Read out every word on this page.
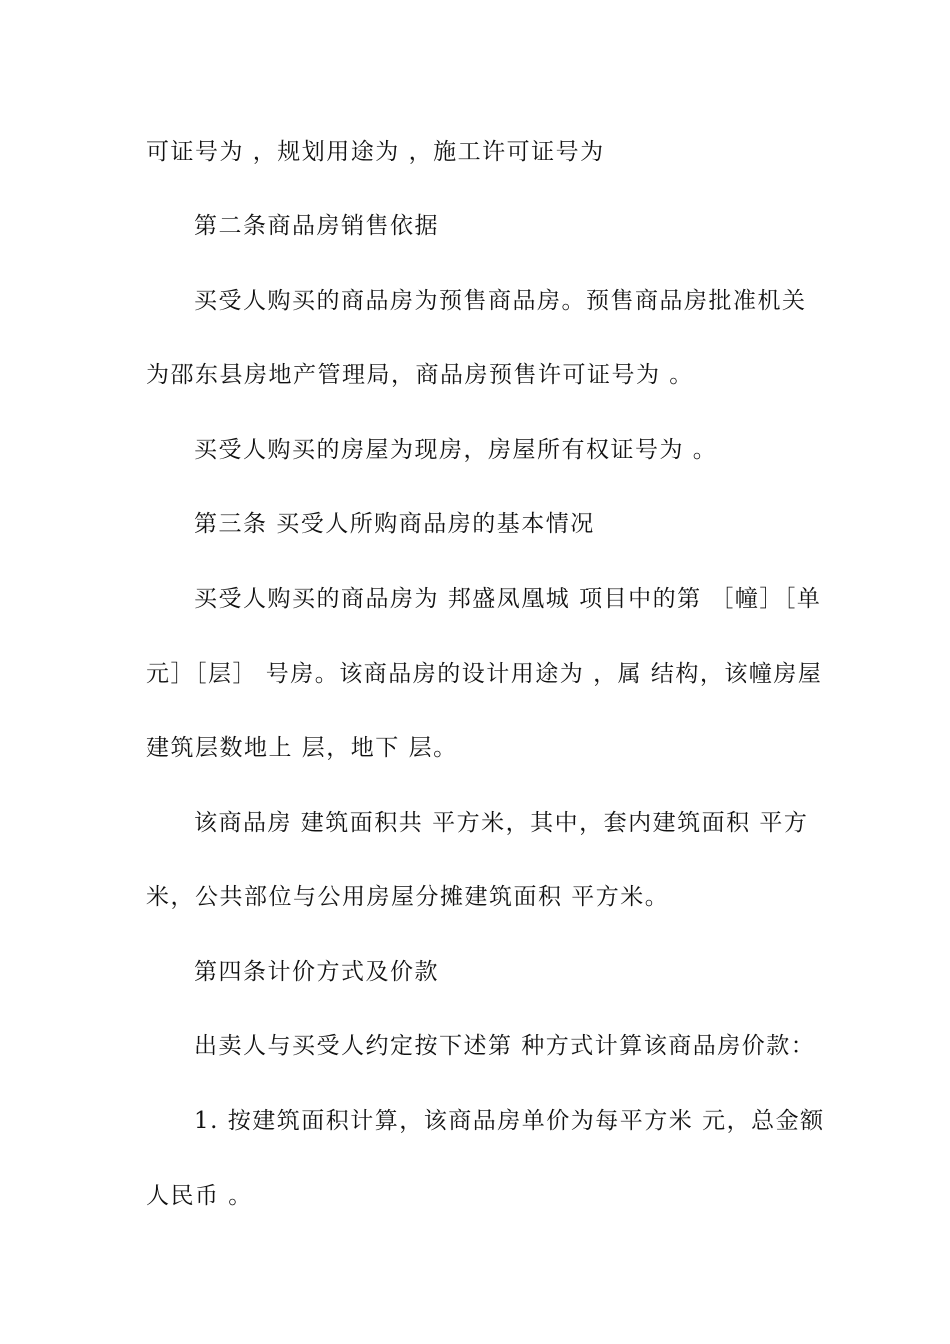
可证号为 ，规划用途为 ，施工许可证号为
第二条商品房销售依据
买受人购买的商品房为预售商品房。预售商品房批准机关
为邵东县房地产管理局，商品房预售许可证号为 。
买受人购买的房屋为现房，房屋所有权证号为 。
第三条 买受人所购商品房的基本情况
买受人购买的商品房为 邦盛凤凰城 项目中的第 ［幢］［单
元］［层］ 号房。该商品房的设计用途为 ，属 结构，该幢房屋
建筑层数地上 层，地下 层。
该商品房 建筑面积共 平方米，其中，套内建筑面积 平方
米，公共部位与公用房屋分摊建筑面积 平方米。
第四条计价方式及价款
出卖人与买受人约定按下述第 种方式计算该商品房价款：
1. 按建筑面积计算，该商品房单价为每平方米 元，总金额
人民币 。
